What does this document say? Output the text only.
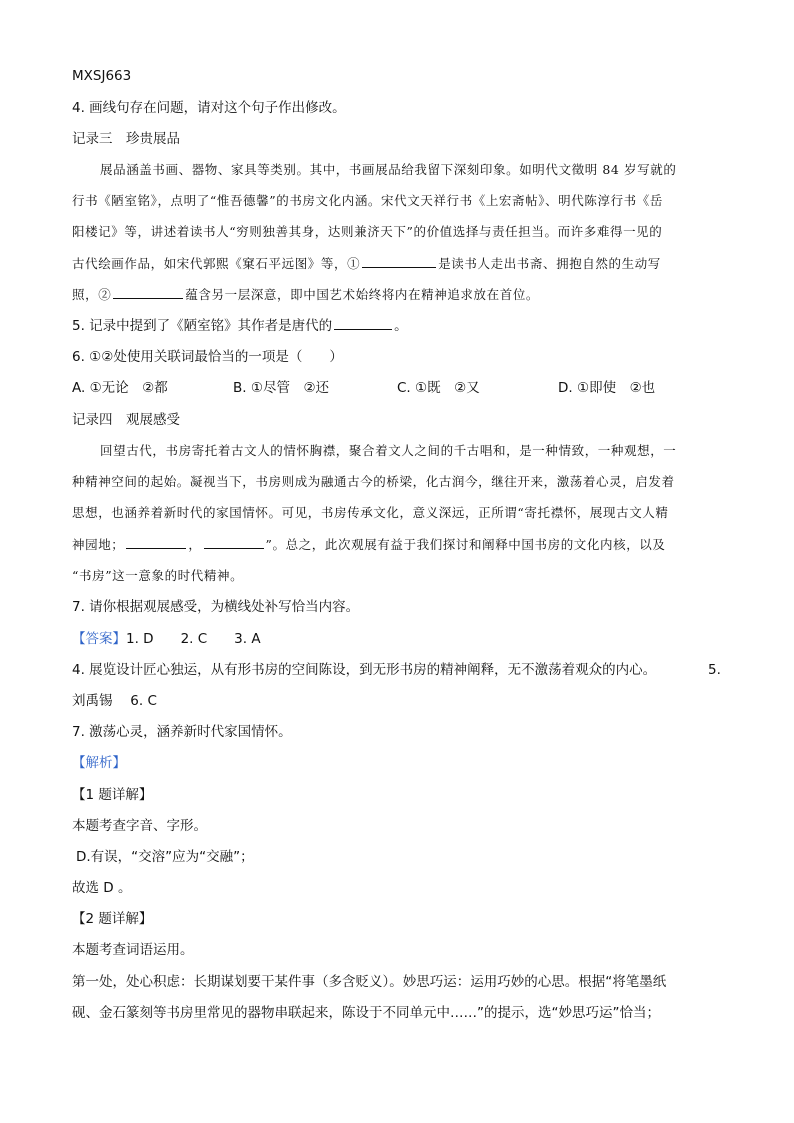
MXSJ663
4. 画线句存在问题，请对这个句子作出修改。
记录三　珍贵展品
展品涵盖书画、器物、家具等类别。其中，书画展品给我留下深刻印象。如明代文徵明 84 岁写就的
行书《陋室铭》，点明了“惟吾德馨”的书房文化内涵。宋代文天祥行书《上宏斋帖》、明代陈淳行书《岳
阳楼记》等，讲述着读书人“穷则独善其身，达则兼济天下”的价值选择与责任担当。而许多难得一见的
古代绘画作品，如宋代郭熙《窠石平远图》等，①	是读书人走出书斋、拥抱自然的生动写
照，②	蕴含另一层深意，即中国艺术始终将内在精神追求放在首位。
5. 记录中提到了《陋室铭》其作者是唐代的	。
6. ①②处使用关联词最恰当的一项是（　　）
A. ①无论　②都	B. ①尽管　②还	C. ①既　②又	D. ①即使　②也
记录四　观展感受
回望古代，书房寄托着古文人的情怀胸襟，聚合着文人之间的千古唱和，是一种情致，一种观想，一
种精神空间的起始。凝视当下，书房则成为融通古今的桥梁，化古润今，继往开来，激荡着心灵，启发着
思想，也涵养着新时代的家国情怀。可见，书房传承文化，意义深远，正所谓“寄托襟怀，展现古文人精
神园地；	，	”。总之，此次观展有益于我们探讨和阐释中国书房的文化内核，以及
“书房”这一意象的时代精神。
7. 请你根据观展感受，为横线处补写恰当内容。
【答案】1. D　　2. C　　3. A
4. 展览设计匠心独运，从有形书房的空间陈设，到无形书房的精神阐释，无不激荡着观众的内心。	5.
刘禹锡　 6. C
7. 激荡心灵，涵养新时代家国情怀。
【解析】
【1 题详解】
本题考查字音、字形。
D.有误，“交溶”应为“交融”；
故选 D 。
【2 题详解】
本题考查词语运用。
第一处，处心积虑：长期谋划要干某件事（多含贬义）。妙思巧运：运用巧妙的心思。根据“将笔墨纸
砚、金石篆刻等书房里常见的器物串联起来，陈设于不同单元中……”的提示，选“妙思巧运”恰当；
